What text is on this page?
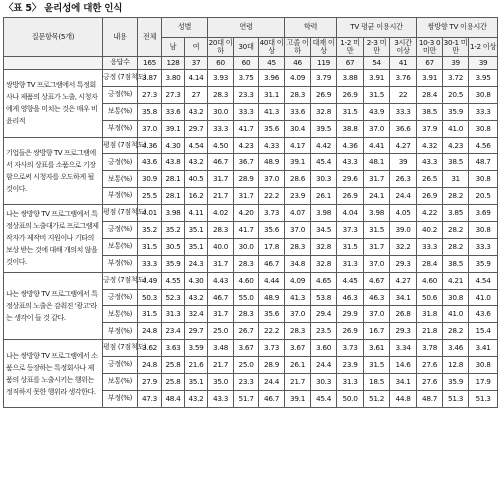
〈표 5〉 윤리성에 대한 인식
질문항목(5개)	내용	전체	성별		연령			학력		TV 평균 이용시간			쌍방향 TV 이용시간		
			남	여	20대 이하	30대	40대 이상	고졸 이하	대재 이상	1-2 미만	2-3 미만	3시간 이상	10-3 0미만	30-1 미만	1-2 이상
	응답수	165	128	37	60	60	45	46	119	67	54	41	67	39	39
쌍방향 TV 프로그램에서 특정회사나 제품의 상표가 노출, 시청자에게 영향을 미치는 것은 매우 비윤리적	긍정 (7점척도)	3.87	3.80	4.14	3.93	3.75	3.96	4.09	3.79	3.88	3.91	3.76	3.91	3.72	3.95
	긍정(%)	27.3	27.3	27	28.3	23.3	31.1	28.3	26.9	26.9	31.5	22	28.4	20.5	30.8
	보통(%)	35.8	33.6	43.2	30.0	33.3	41.3	33.6	32.8	31.5	43.9	33.3	38.5	35.9	33.3
	부정(%)	37.0	39.1	29.7	33.3	41.7	35.6	30.4	39.5	38.8	37.0	36.6	37.9	41.0	30.8
기업들은 쌍방향 TV 프로그램에서 자사의 상표를 소품으로 기장함으로써 시청자를 오도하게 될 것이다.	평점 (7점척도)	4.36	4.30	4.54	4.50	4.23	4.33	4.17	4.42	4.36	4.41	4.27	4.32	4.23	4.56
	긍정(%)	43.6	43.8	43.2	46.7	36.7	48.9	39.1	45.4	43.3	48.1	39	43.3	38.5	48.7
	보통(%)	30.9	28.1	40.5	31.7	28.9	37.0	28.6	30.3	29.6	31.7	26.3	26.5	31	30.8
	부정(%)	25.5	28.1	16.2	21.7	31.7	22.2	23.9	26.1	26.9	24.1	24.4	26.9	28.2	20.5
나는 쌍방향 TV 프로그램에서 특정상표의 노출대가로 프로그램제작자가 제작비 지원이나 기타의 보상 받는 것에 대해 개의치 않을 것이다.	평점 (7점척도)	4.01	3.98	4.11	4.02	4.20	3.73	4.07	3.98	4.04	3.98	4.05	4.22	3.85	3.69
	긍정(%)	35.2	35.2	35.1	28.3	41.7	35.6	37.0	34.5	37.3	31.5	39.0	40.2	28.2	30.8
	보통(%)	31.5	30.5	35.1	40.0	30.0	17.8	28.3	32.8	31.5	31.7	32.2	33.3	28.2	33.3
	부정(%)	33.3	35.9	24.3	31.7	28.3	46.7	34.8	32.8	31.3	37.0	29.3	28.4	38.5	35.9
나는 쌍방향 TV 프로그램에서 특정상표의 노출은 감춰진 '광고'라는 생각이 들 것 같다.	긍정 (7점척도)	4.49	4.55	4.30	4.43	4.60	4.44	4.09	4.65	4.45	4.67	4.27	4.60	4.21	4.54
	긍정(%)	50.3	52.3	43.2	46.7	55.0	48.9	41.3	53.8	46.3	46.3	34.1	50.6	30.8	41.0
	보통(%)	31.5	31.3	32.4	31.7	28.3	35.6	37.0	29.4	29.9	37.0	26.8	31.8	41.0	43.6
	부정(%)	24.8	23.4	29.7	25.0	26.7	22.2	28.3	23.5	26.9	16.7	29.3	21.8	28.2	15.4
나는 쌍방향 TV 프로그램에서 소품으로 등장하는 특정회사나 제품의 상표를 노출시키는 행위는 정직하지 못한 행위라 생각한다.	평점 (7점척도)	3.62	3.63	3.59	3.48	3.67	3.73	3.67	3.60	3.73	3.61	3.34	3.78	3.46	3.41
	긍정(%)	24.8	25.8	21.6	21.7	25.0	28.9	26.1	24.4	23.9	31.5	14.6	27.6	12.8	30.8
	보통(%)	27.9	25.8	35.1	35.0	23.3	24.4	21.7	30.3	31.3	18.5	34.1	27.6	35.9	17.9
	부정(%)	47.3	48.4	43.2	43.3	51.7	46.7	39.1	45.4	50.0	51.2	44.8	48.7	51.3	51.3
